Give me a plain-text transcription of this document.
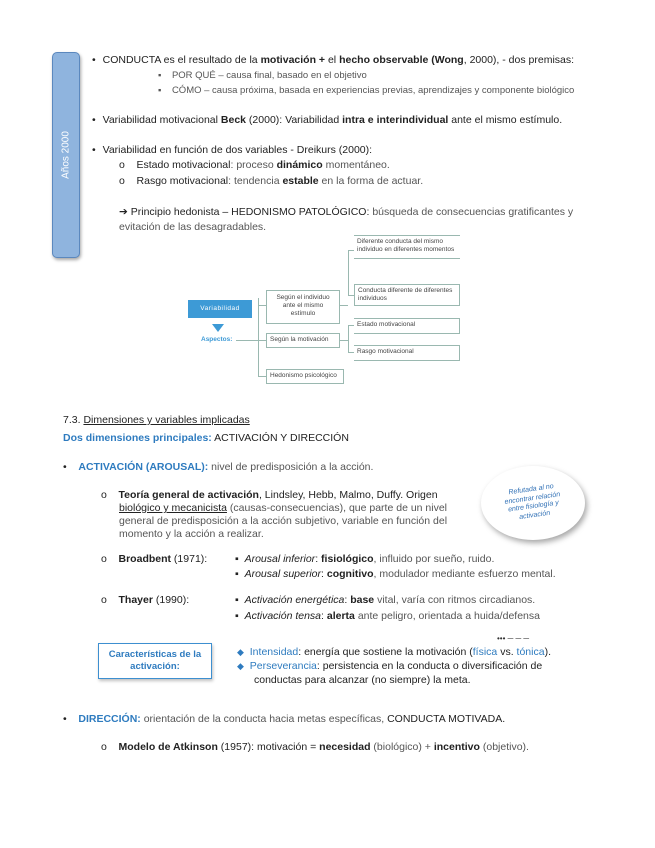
Años 2000
• CONDUCTA es el resultado de la motivación + el hecho observable (Wong, 2000), - dos premisas:
▪    POR QUÉ – causa final, basado en el objetivo
▪    CÓMO – causa próxima, basada en experiencias previas, aprendizajes y componente biológico
• Variabilidad motivacional Beck (2000): Variabilidad intra e interindividual ante el mismo estímulo.
• Variabilidad en función de dos variables - Dreikurs (2000):
o    Estado motivacional: proceso dinámico momentáneo.
o    Rasgo motivacional: tendencia estable en la forma de actuar.
➔ Principio hedonista – HEDONISMO PATOLÓGICO: búsqueda de consecuencias gratificantes y
evitación de las desagradables.
Variabilidad
Aspectos:
Según el individuo ante el mismo estímulo
Según la motivación
Hedonismo psicológico
Diferente conducta del mismo individuo en diferentes momentos
Conducta diferente de diferentes individuos
Estado motivacional
Rasgo motivacional
7.3. Dimensiones y variables implicadas
Dos dimensiones principales: ACTIVACIÓN Y DIRECCIÓN
•    ACTIVACIÓN (AROUSAL): nivel de predisposición a la acción.
o    Teoría general de activación, Lindsley, Hebb, Malmo, Duffy. Origen
biológico y mecanicista (causas-consecuencias), que parte de un nivel
general de predisposición a la acción subjetivo, variable en función del
momento y la acción a realizar.
Refutada al no encontrar relación entre fisiología y activación
o    Broadbent (1971):	▪  Arousal inferior: fisiológico, influido por sueño, ruido.
▪  Arousal superior: cognitivo, modulador mediante esfuerzo mental.
o    Thayer (1990):	▪  Activación energética: base vital, varía con ritmos circadianos.
▪  Activación tensa: alerta ante peligro, orientada a huida/defensa
••• ─ ─ ─
Características de la activación:
◆ Intensidad: energía que sostiene la motivación (física vs. tónica).
◆ Perseverancia: persistencia en la conducta o diversificación de
conductas para alcanzar (no siempre) la meta.
•    DIRECCIÓN: orientación de la conducta hacia metas específicas, CONDUCTA MOTIVADA.
o    Modelo de Atkinson (1957): motivación = necesidad (biológico) + incentivo (objetivo).
